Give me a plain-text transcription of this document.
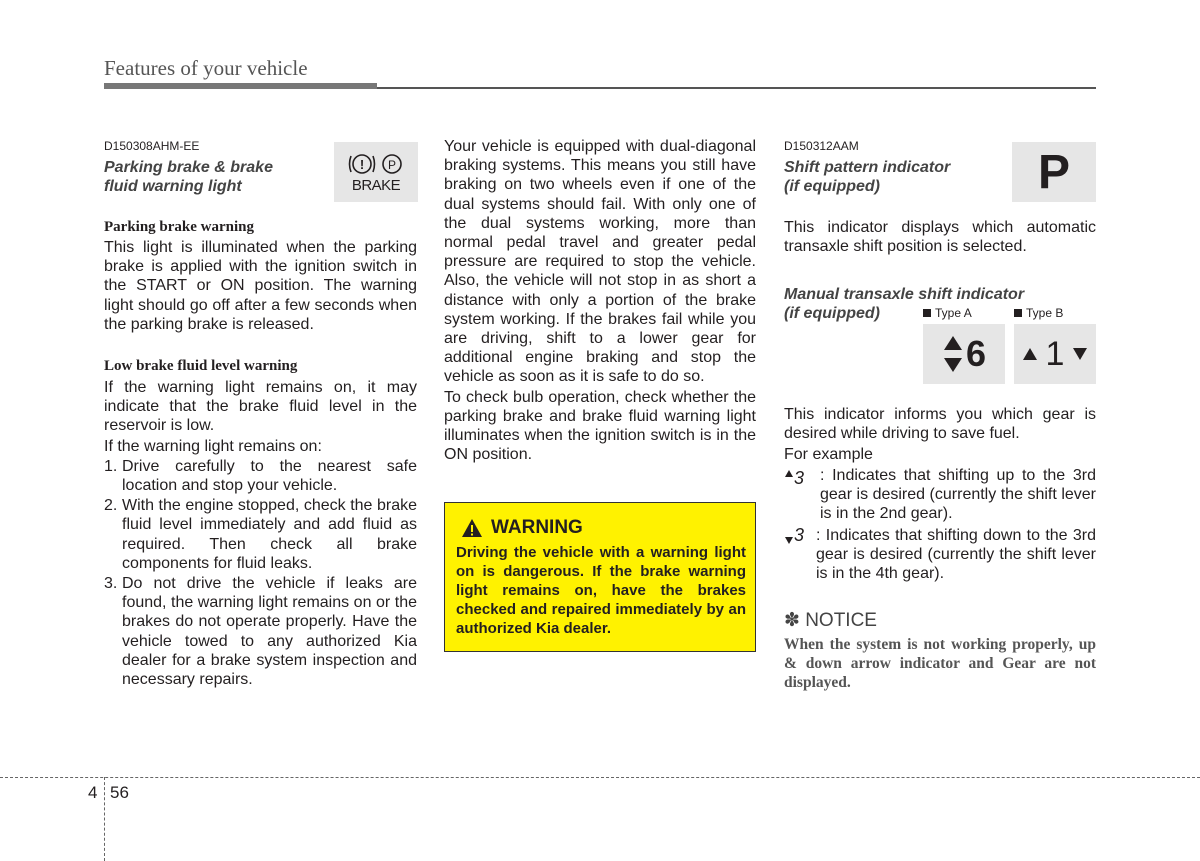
Features of your vehicle
D150308AHM-EE
Parking brake & brake
fluid warning light
! P
BRAKE
Parking brake warning

This light is illuminated when the parking brake is applied with the ignition switch in the START or ON position. The warning light should go off after a few seconds when the parking brake is released.

Low brake fluid level warning

If the warning light remains on, it may indicate that the brake fluid level in the reservoir is low.

If the warning light remains on:

1. Drive carefully to the nearest safe location and stop your vehicle.
2. With the engine stopped, check the brake fluid level immediately and add fluid as required. Then check all brake components for fluid leaks.
3. Do not drive the vehicle if leaks are found, the warning light remains on or the brakes do not operate properly. Have the vehicle towed to any authorized Kia dealer for a brake system inspection and necessary repairs.

Your vehicle is equipped with dual-diagonal braking systems. This means you still have braking on two wheels even if one of the dual systems should fail. With only one of the dual systems working, more than normal pedal travel and greater pedal pressure are required to stop the vehicle. Also, the vehicle will not stop in as short a distance with only a portion of the brake system working. If the brakes fail while you are driving, shift to a lower gear for additional engine braking and stop the vehicle as soon as it is safe to do so.

To check bulb operation, check whether the parking brake and brake fluid warning light illuminates when the ignition switch is in the ON position.

WARNING
Driving the vehicle with a warning light on is dangerous. If the brake warning light remains on, have the brakes checked and repaired immediately by an authorized Kia dealer.
D150312AAM
Shift pattern indicator
(if equipped)	P

This indicator displays which automatic transaxle shift position is selected.

Manual transaxle shift indicator
(if equipped)	Type A	Type B
6 1

This indicator informs you which gear is desired while driving to save fuel.

For example

3 : Indicates that shifting up to the 3rd gear is desired (currently the shift lever is in the 2nd gear).
3 : Indicates that shifting down to the 3rd gear is desired (currently the shift lever is in the 4th gear).
✽ NOTICE
When the system is not working properly, up & down arrow indicator and Gear are not displayed.
4 56
